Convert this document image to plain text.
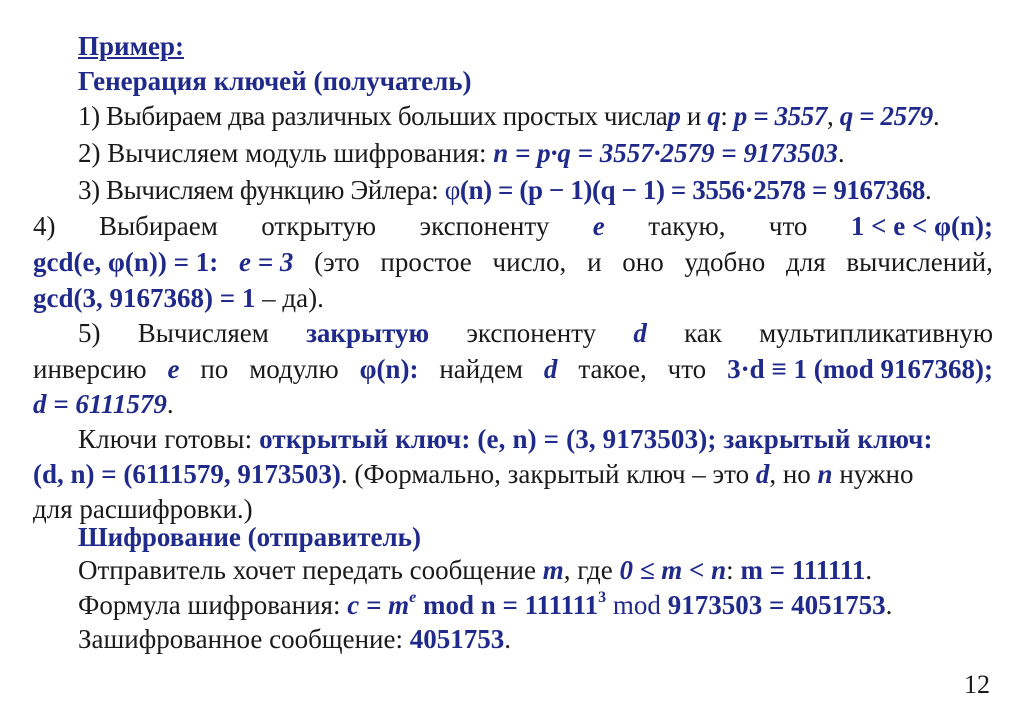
Пример:
Генерация ключей (получатель)
1) Выбираем два различных больших простых числаp и q: p = 3557, q = 2579.
2) Вычисляем модуль шифрования: n = p·q = 3557·2579 = 9173503.
3) Вычисляем функцию Эйлера: φ(n) = (p − 1)(q − 1) = 3556·2578 = 9167368.
4) Выбираем открытую экспоненту e такую, что 1 < e < φ(n);
gcd(e, φ(n)) = 1: e = 3 (это простое число, и оно удобно для вычислений,
gcd(3, 9167368) = 1 – да).
5) Вычисляем закрытую экспоненту d как мультипликативную
инверсию e по модулю φ(n): найдем d такое, что 3·d ≡ 1 (mod 9167368);
d = 6111579.
Ключи готовы: открытый ключ: (e, n) = (3, 9173503); закрытый ключ:
(d, n) = (6111579, 9173503). (Формально, закрытый ключ – это d, но n нужно
для расшифровки.)
Шифрование (отправитель)
Отправитель хочет передать сообщение m, где 0 ≤ m < n: m = 111111.
Формула шифрования: $c = m^e$ mod $n = 111111^3$ mod 9173503 = 4051753.
Зашифрованное сообщение: 4051753.
12
